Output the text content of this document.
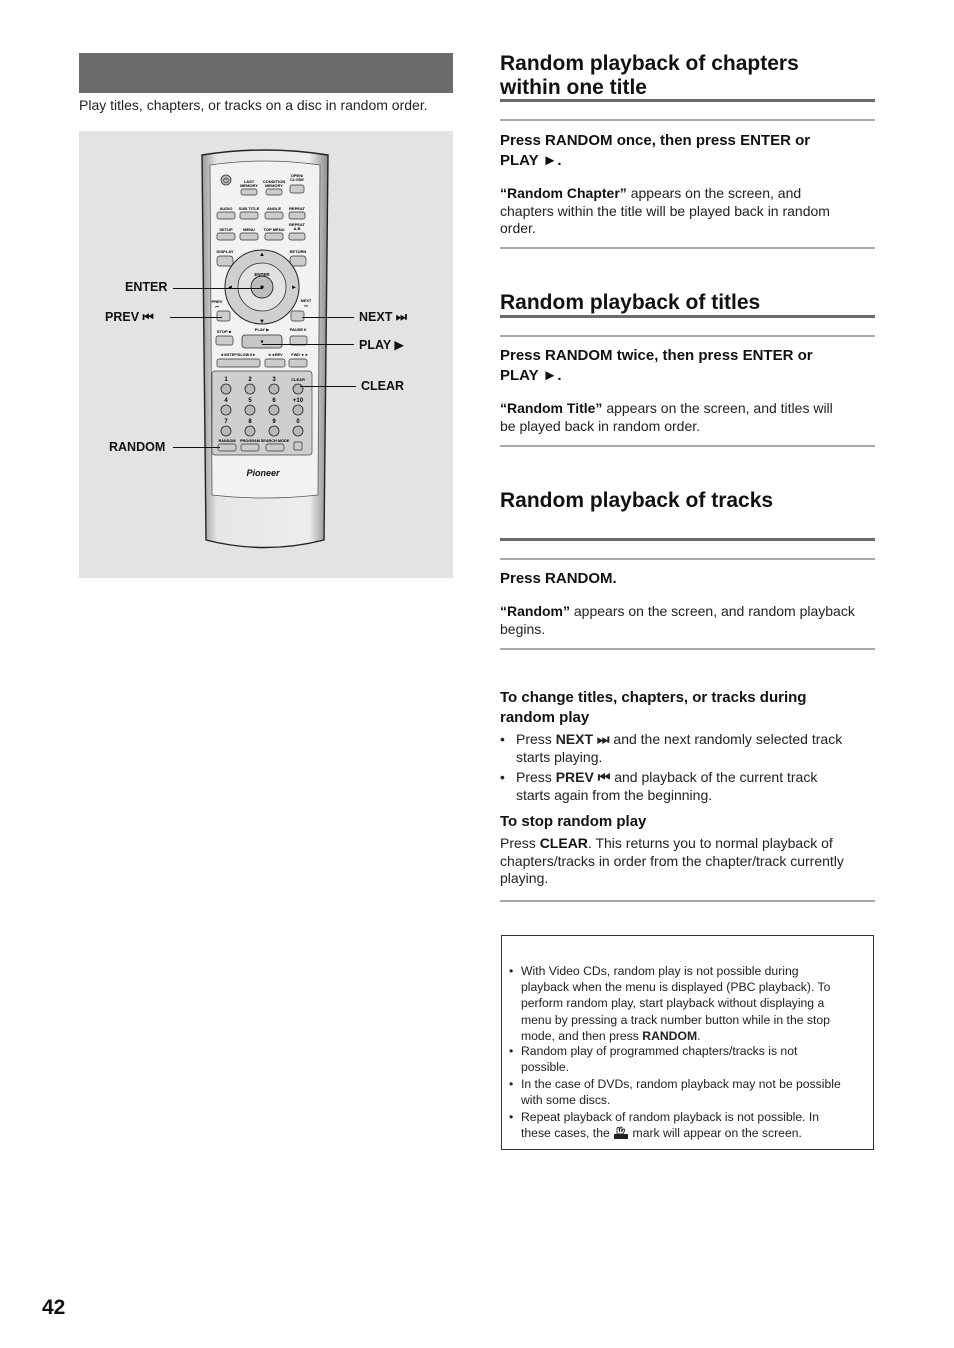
Play titles, chapters, or tracks on a disc in random order.
⏻	LAST
MEMORY
CONDITION
MEMORY
OPEN/
CLOSE
AUDIO SUB TITLE ANGLE REPEAT
SETUP	MENU TOP MENU
REPEAT
A-B
DISPLAY	RETURN
ENTER
▲
▼
◄	►
PREV
⏮
NEXT
⏭
STOP ■	PLAY ▶	PAUSE II
◄II/STEP/SLOW II►	◄◄REV FWD ►►
1	2	3	CLEAR
4	5	6	+10
7	8	9	0
RANDOM PROGRAM SEARCH MODE
Pioneer
ENTER
PREV ⏮	NEXT ⏭
PLAY ▶
CLEAR
RANDOM
Random playback of chapters
within one title
Press RANDOM once, then press ENTER or
PLAY ►.
“Random Chapter” appears on the screen, and
chapters within the title will be played back in random
order.
Random playback of titles
Press RANDOM twice, then press ENTER or
PLAY ►.
“Random Title” appears on the screen, and titles will
be played back in random order.
Random playback of tracks
Press RANDOM.
“Random” appears on the screen, and random playback
begins.
To change titles, chapters, or tracks during
random play
• Press NEXT ⏭ and the next randomly selected track
starts playing.
• Press PREV ⏮ and playback of the current track
starts again from the beginning.
To stop random play
Press CLEAR. This returns you to normal playback of
chapters/tracks in order from the chapter/track currently
playing.
• With Video CDs, random play is not possible during
playback when the menu is displayed (PBC playback). To
perform random play, start playback without displaying a
menu by pressing a track number button while in the stop
mode, and then press RANDOM.
• Random play of programmed chapters/tracks is not
possible.
• In the case of DVDs, random playback may not be possible
with some discs.
• Repeat playback of random playback is not possible. In
these cases, the mark will appear on the screen.
42
